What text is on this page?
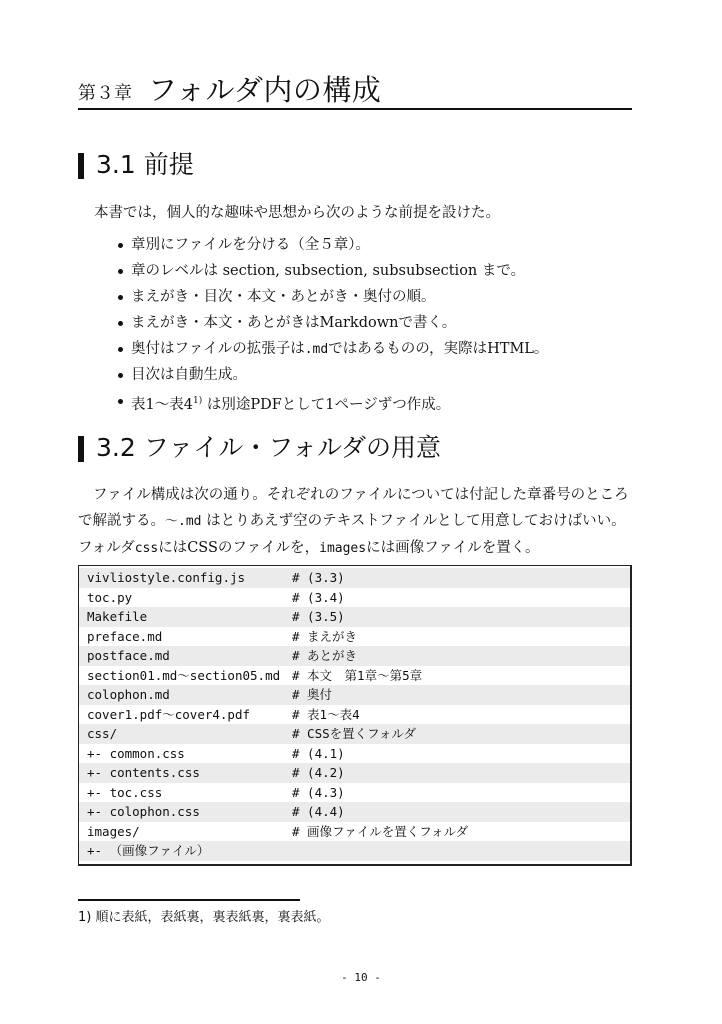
第３章 フォルダ内の構成
3.1 前提
本書では，個人的な趣味や思想から次のような前提を設けた。
章別にファイルを分ける（全５章）。
章のレベルは section, subsection, subsubsection まで。
まえがき・目次・本文・あとがき・奥付の順。
まえがき・本文・あとがきはMarkdownで書く。
奥付はファイルの拡張子は.mdではあるものの，実際はHTML。
目次は自動生成。
表1〜表4$^{1)}$ は別途PDFとして1ページずつ作成。
3.2 ファイル・フォルダの用意
ファイル構成は次の通り。それぞれのファイルについては付記した章番号のところ
で解説する。～.md はとりあえず空のテキストファイルとして用意しておけばいい。
フォルダcssにはCSSのファイルを，imagesには画像ファイルを置く。
vivliostyle.config.js	# (3.3)
toc.py	# (3.4)
Makefile	# (3.5)
preface.md	# まえがき
postface.md	# あとがき
section01.md～section05.md # 本文　第1章～第5章
colophon.md	# 奥付
cover1.pdf～cover4.pdf	# 表1～表4
css/	# CSSを置くフォルダ
+- common.css	# (4.1)
+- contents.css	# (4.2)
+- toc.css	# (4.3)
+- colophon.css	# (4.4)
images/	# 画像ファイルを置くフォルダ
+- （画像ファイル）
1) 順に表紙，表紙裏，裏表紙裏，裏表紙。
- 10 -
